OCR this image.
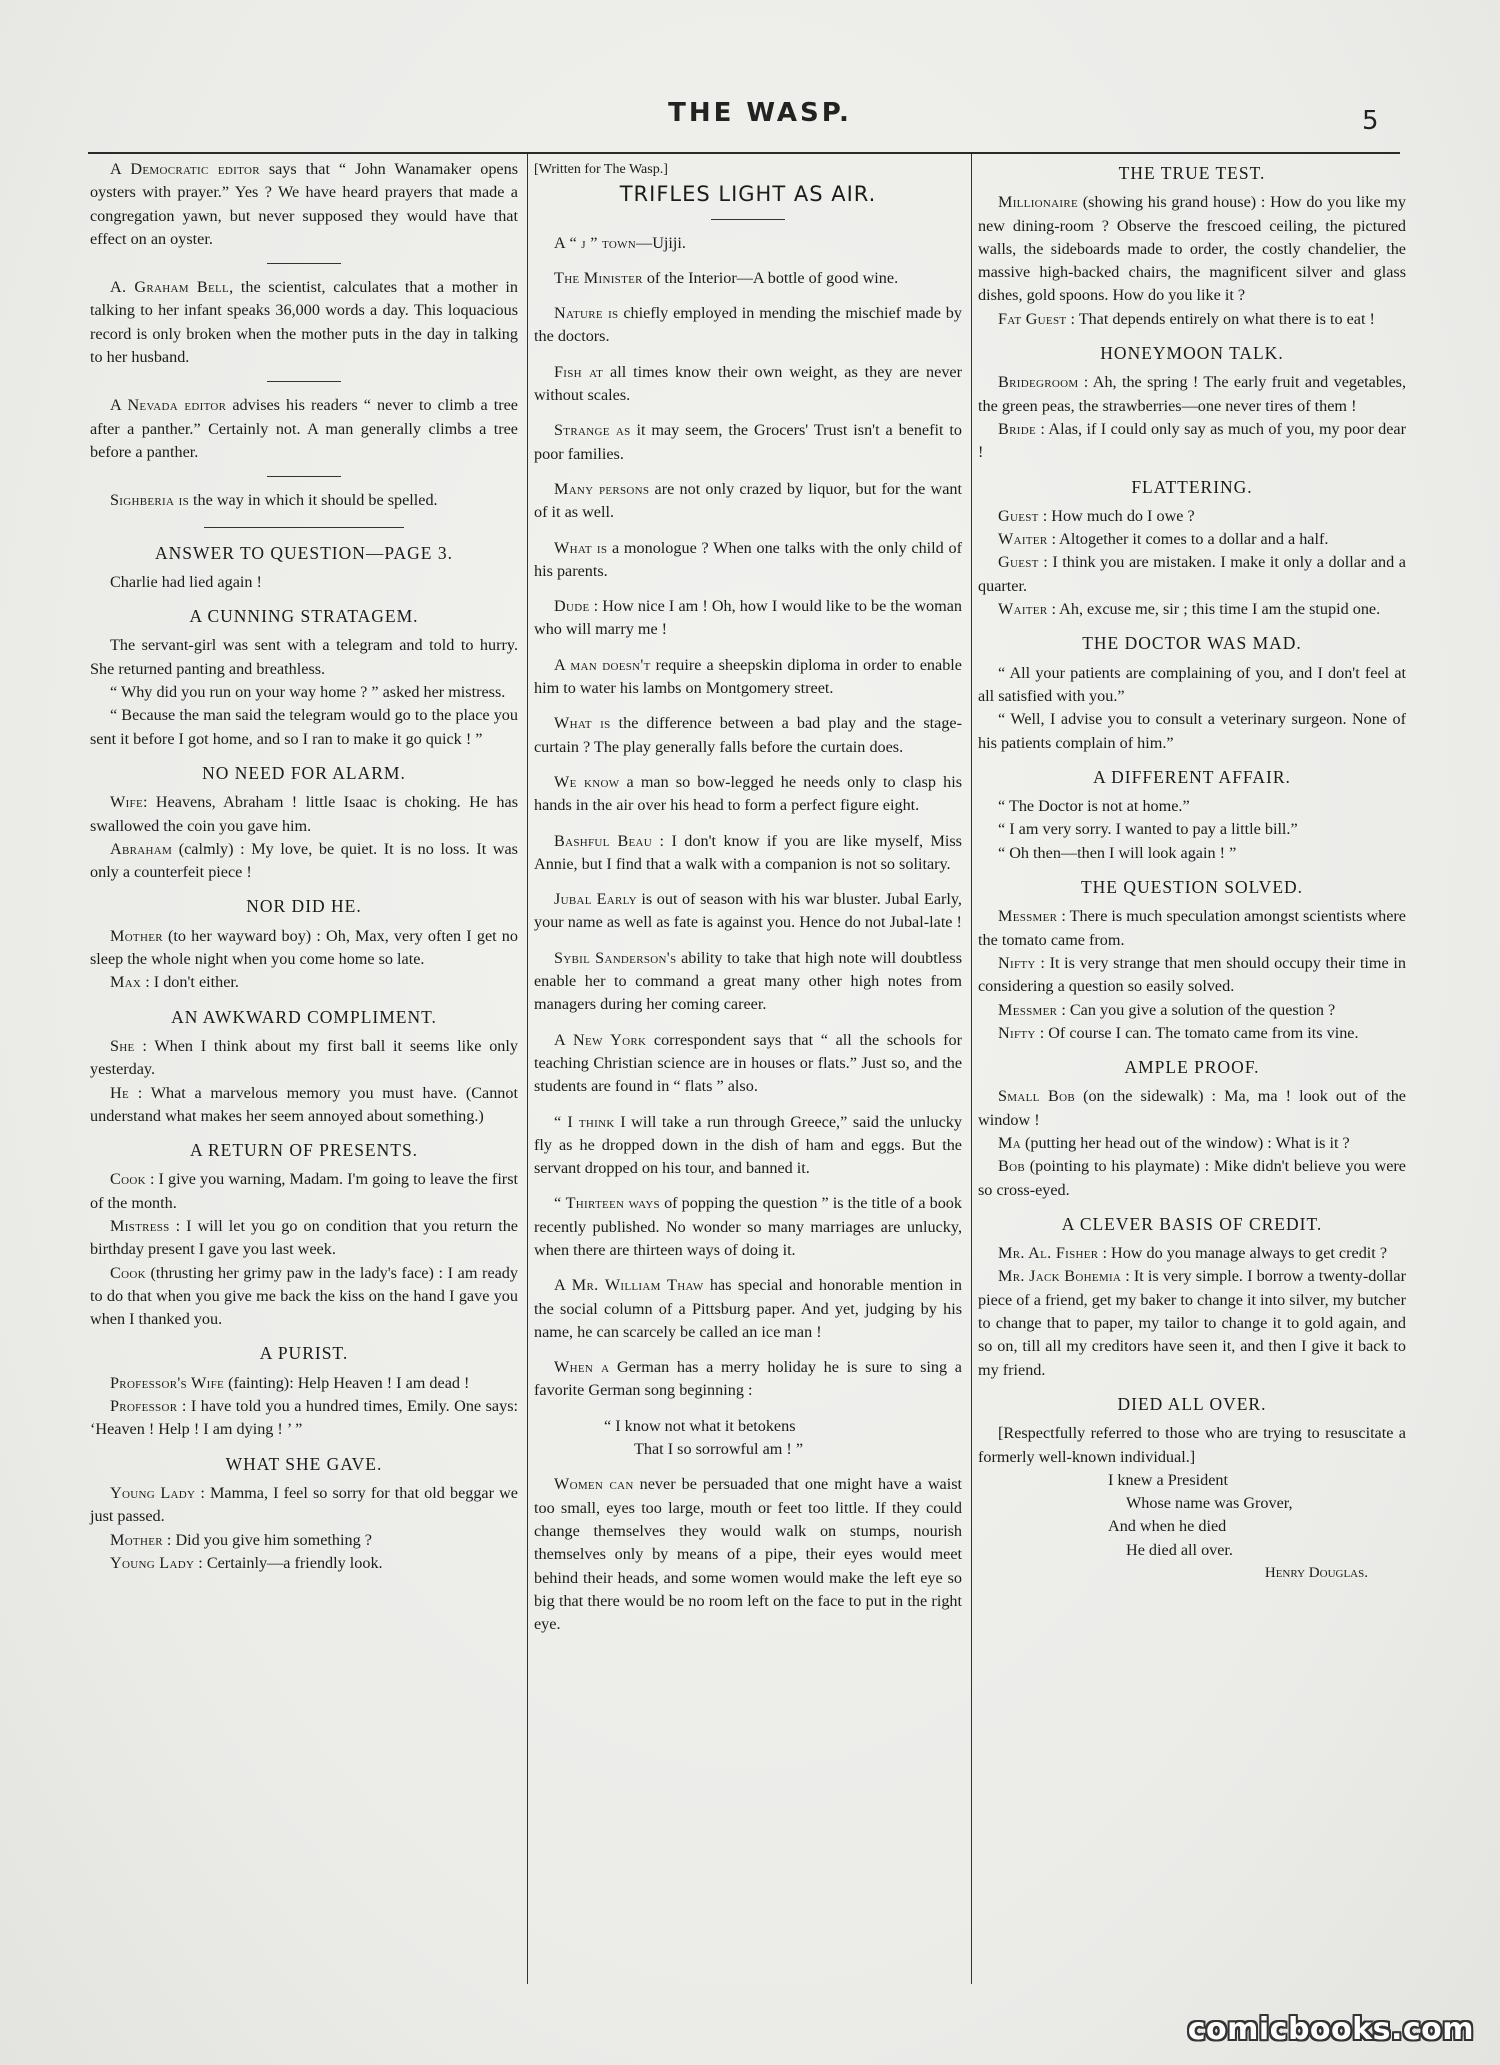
THE WASP.	5

A Democratic editor says that “ John Wanamaker opens oysters with prayer.” Yes ? We have heard prayers that made a congregation yawn, but never supposed they would have that effect on an oyster.

A. Graham Bell, the scientist, calculates that a mother in talking to her infant speaks 36,000 words a day. This loquacious record is only broken when the mother puts in the day in talking to her husband.

A Nevada editor advises his readers “ never to climb a tree after a panther.” Certainly not. A man generally climbs a tree before a panther.

Sighberia is the way in which it should be spelled.

ANSWER TO QUESTION—PAGE 3.

Charlie had lied again !

A CUNNING STRATAGEM.

The servant-girl was sent with a telegram and told to hurry. She returned panting and breathless.

“ Why did you run on your way home ? ” asked her mistress.

“ Because the man said the telegram would go to the place you sent it before I got home, and so I ran to make it go quick ! ”

NO NEED FOR ALARM.

Wife: Heavens, Abraham ! little Isaac is choking. He has swallowed the coin you gave him.

Abraham (calmly) : My love, be quiet. It is no loss. It was only a counterfeit piece !

NOR DID HE.

Mother (to her wayward boy) : Oh, Max, very often I get no sleep the whole night when you come home so late.

Max : I don't either.

AN AWKWARD COMPLIMENT.

She : When I think about my first ball it seems like only yesterday.

He : What a marvelous memory you must have. (Cannot understand what makes her seem annoyed about something.)

A RETURN OF PRESENTS.

Cook : I give you warning, Madam. I'm going to leave the first of the month.

Mistress : I will let you go on condition that you return the birthday present I gave you last week.

Cook (thrusting her grimy paw in the lady's face) : I am ready to do that when you give me back the kiss on the hand I gave you when I thanked you.

A PURIST.

Professor's Wife (fainting): Help Heaven ! I am dead !

Professor : I have told you a hundred times, Emily. One says: ‘Heaven ! Help ! I am dying ! ’ ”

WHAT SHE GAVE.

Young Lady : Mamma, I feel so sorry for that old beggar we just passed.

Mother : Did you give him something ?

Young Lady : Certainly—a friendly look.

[Written for The Wasp.]

TRIFLES LIGHT AS AIR.

A “ j ” town—Ujiji.

The Minister of the Interior—A bottle of good wine.

Nature is chiefly employed in mending the mischief made by the doctors.

Fish at all times know their own weight, as they are never without scales.

Strange as it may seem, the Grocers' Trust isn't a benefit to poor families.

Many persons are not only crazed by liquor, but for the want of it as well.

What is a monologue ? When one talks with the only child of his parents.

Dude : How nice I am ! Oh, how I would like to be the woman who will marry me !

A man doesn't require a sheepskin diploma in order to enable him to water his lambs on Montgomery street.

What is the difference between a bad play and the stage-curtain ? The play generally falls before the curtain does.

We know a man so bow-legged he needs only to clasp his hands in the air over his head to form a perfect figure eight.

Bashful Beau : I don't know if you are like myself, Miss Annie, but I find that a walk with a companion is not so solitary.

Jubal Early is out of season with his war bluster. Jubal Early, your name as well as fate is against you. Hence do not Jubal-late !

Sybil Sanderson's ability to take that high note will doubtless enable her to command a great many other high notes from managers during her coming career.

A New York correspondent says that “ all the schools for teaching Christian science are in houses or flats.” Just so, and the students are found in “ flats ” also.

“ I think I will take a run through Greece,” said the unlucky fly as he dropped down in the dish of ham and eggs. But the servant dropped on his tour, and banned it.

“ Thirteen ways of popping the question ” is the title of a book recently published. No wonder so many marriages are unlucky, when there are thirteen ways of doing it.

A Mr. William Thaw has special and honorable mention in the social column of a Pittsburg paper. And yet, judging by his name, he can scarcely be called an ice man !

When a German has a merry holiday he is sure to sing a favorite German song beginning :

“ I know not what it betokens
That I so sorrowful am ! ”

Women can never be persuaded that one might have a waist too small, eyes too large, mouth or feet too little. If they could change themselves they would walk on stumps, nourish themselves only by means of a pipe, their eyes would meet behind their heads, and some women would make the left eye so big that there would be no room left on the face to put in the right eye.

THE TRUE TEST.

Millionaire (showing his grand house) : How do you like my new dining-room ? Observe the frescoed ceiling, the pictured walls, the sideboards made to order, the costly chandelier, the massive high-backed chairs, the magnificent silver and glass dishes, gold spoons. How do you like it ?

Fat Guest : That depends entirely on what there is to eat !

HONEYMOON TALK.

Bridegroom : Ah, the spring ! The early fruit and vegetables, the green peas, the strawberries—one never tires of them !

Bride : Alas, if I could only say as much of you, my poor dear !

FLATTERING.

Guest : How much do I owe ?

Waiter : Altogether it comes to a dollar and a half.

Guest : I think you are mistaken. I make it only a dollar and a quarter.

Waiter : Ah, excuse me, sir ; this time I am the stupid one.

THE DOCTOR WAS MAD.

“ All your patients are complaining of you, and I don't feel at all satisfied with you.”

“ Well, I advise you to consult a veterinary surgeon. None of his patients complain of him.”

A DIFFERENT AFFAIR.

“ The Doctor is not at home.”

“ I am very sorry. I wanted to pay a little bill.”

“ Oh then—then I will look again ! ”

THE QUESTION SOLVED.

Messmer : There is much speculation amongst scientists where the tomato came from.

Nifty : It is very strange that men should occupy their time in considering a question so easily solved.

Messmer : Can you give a solution of the question ?

Nifty : Of course I can. The tomato came from its vine.

AMPLE PROOF.

Small Bob (on the sidewalk) : Ma, ma ! look out of the window !

Ma (putting her head out of the window) : What is it ?

Bob (pointing to his playmate) : Mike didn't believe you were so cross-eyed.

A CLEVER BASIS OF CREDIT.

Mr. Al. Fisher : How do you manage always to get credit ?

Mr. Jack Bohemia : It is very simple. I borrow a twenty-dollar piece of a friend, get my baker to change it into silver, my butcher to change that to paper, my tailor to change it to gold again, and so on, till all my creditors have seen it, and then I give it back to my friend.

DIED ALL OVER.

[Respectfully referred to those who are trying to resuscitate a formerly well-known individual.]

I knew a President
Whose name was Grover,
And when he died
He died all over.
Henry Douglas.
comicbooks.com
